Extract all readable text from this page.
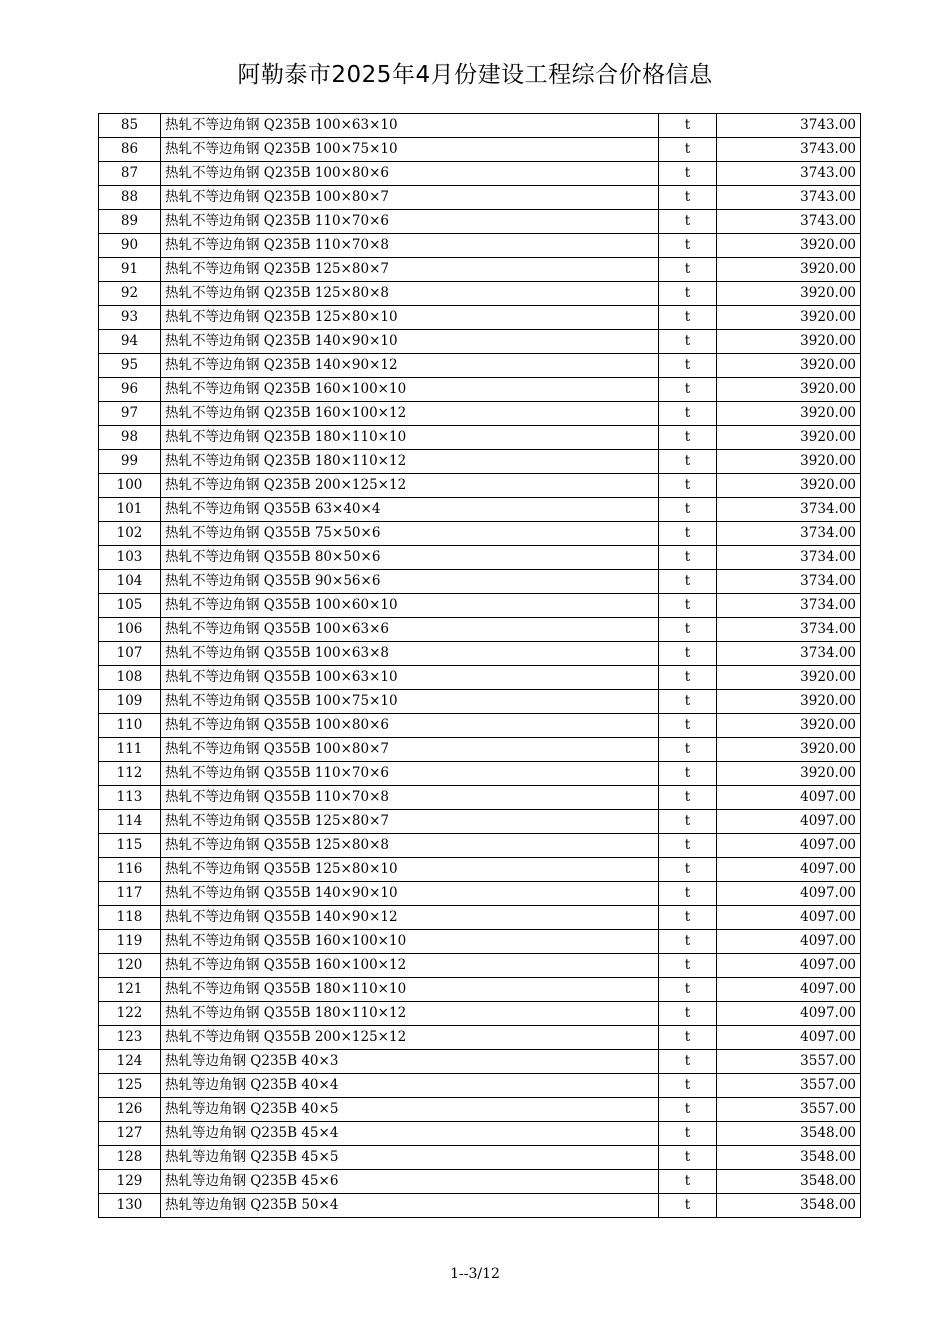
阿勒泰市2025年4月份建设工程综合价格信息
85	热轧不等边角钢 Q235B 100×63×10	t	3743.00
86	热轧不等边角钢 Q235B 100×75×10	t	3743.00
87	热轧不等边角钢 Q235B 100×80×6	t	3743.00
88	热轧不等边角钢 Q235B 100×80×7	t	3743.00
89	热轧不等边角钢 Q235B 110×70×6	t	3743.00
90	热轧不等边角钢 Q235B 110×70×8	t	3920.00
91	热轧不等边角钢 Q235B 125×80×7	t	3920.00
92	热轧不等边角钢 Q235B 125×80×8	t	3920.00
93	热轧不等边角钢 Q235B 125×80×10	t	3920.00
94	热轧不等边角钢 Q235B 140×90×10	t	3920.00
95	热轧不等边角钢 Q235B 140×90×12	t	3920.00
96	热轧不等边角钢 Q235B 160×100×10	t	3920.00
97	热轧不等边角钢 Q235B 160×100×12	t	3920.00
98	热轧不等边角钢 Q235B 180×110×10	t	3920.00
99	热轧不等边角钢 Q235B 180×110×12	t	3920.00
100	热轧不等边角钢 Q235B 200×125×12	t	3920.00
101	热轧不等边角钢 Q355B 63×40×4	t	3734.00
102	热轧不等边角钢 Q355B 75×50×6	t	3734.00
103	热轧不等边角钢 Q355B 80×50×6	t	3734.00
104	热轧不等边角钢 Q355B 90×56×6	t	3734.00
105	热轧不等边角钢 Q355B 100×60×10	t	3734.00
106	热轧不等边角钢 Q355B 100×63×6	t	3734.00
107	热轧不等边角钢 Q355B 100×63×8	t	3734.00
108	热轧不等边角钢 Q355B 100×63×10	t	3920.00
109	热轧不等边角钢 Q355B 100×75×10	t	3920.00
110	热轧不等边角钢 Q355B 100×80×6	t	3920.00
111	热轧不等边角钢 Q355B 100×80×7	t	3920.00
112	热轧不等边角钢 Q355B 110×70×6	t	3920.00
113	热轧不等边角钢 Q355B 110×70×8	t	4097.00
114	热轧不等边角钢 Q355B 125×80×7	t	4097.00
115	热轧不等边角钢 Q355B 125×80×8	t	4097.00
116	热轧不等边角钢 Q355B 125×80×10	t	4097.00
117	热轧不等边角钢 Q355B 140×90×10	t	4097.00
118	热轧不等边角钢 Q355B 140×90×12	t	4097.00
119	热轧不等边角钢 Q355B 160×100×10	t	4097.00
120	热轧不等边角钢 Q355B 160×100×12	t	4097.00
121	热轧不等边角钢 Q355B 180×110×10	t	4097.00
122	热轧不等边角钢 Q355B 180×110×12	t	4097.00
123	热轧不等边角钢 Q355B 200×125×12	t	4097.00
124	热轧等边角钢 Q235B 40×3	t	3557.00
125	热轧等边角钢 Q235B 40×4	t	3557.00
126	热轧等边角钢 Q235B 40×5	t	3557.00
127	热轧等边角钢 Q235B 45×4	t	3548.00
128	热轧等边角钢 Q235B 45×5	t	3548.00
129	热轧等边角钢 Q235B 45×6	t	3548.00
130	热轧等边角钢 Q235B 50×4	t	3548.00
1--3/12
